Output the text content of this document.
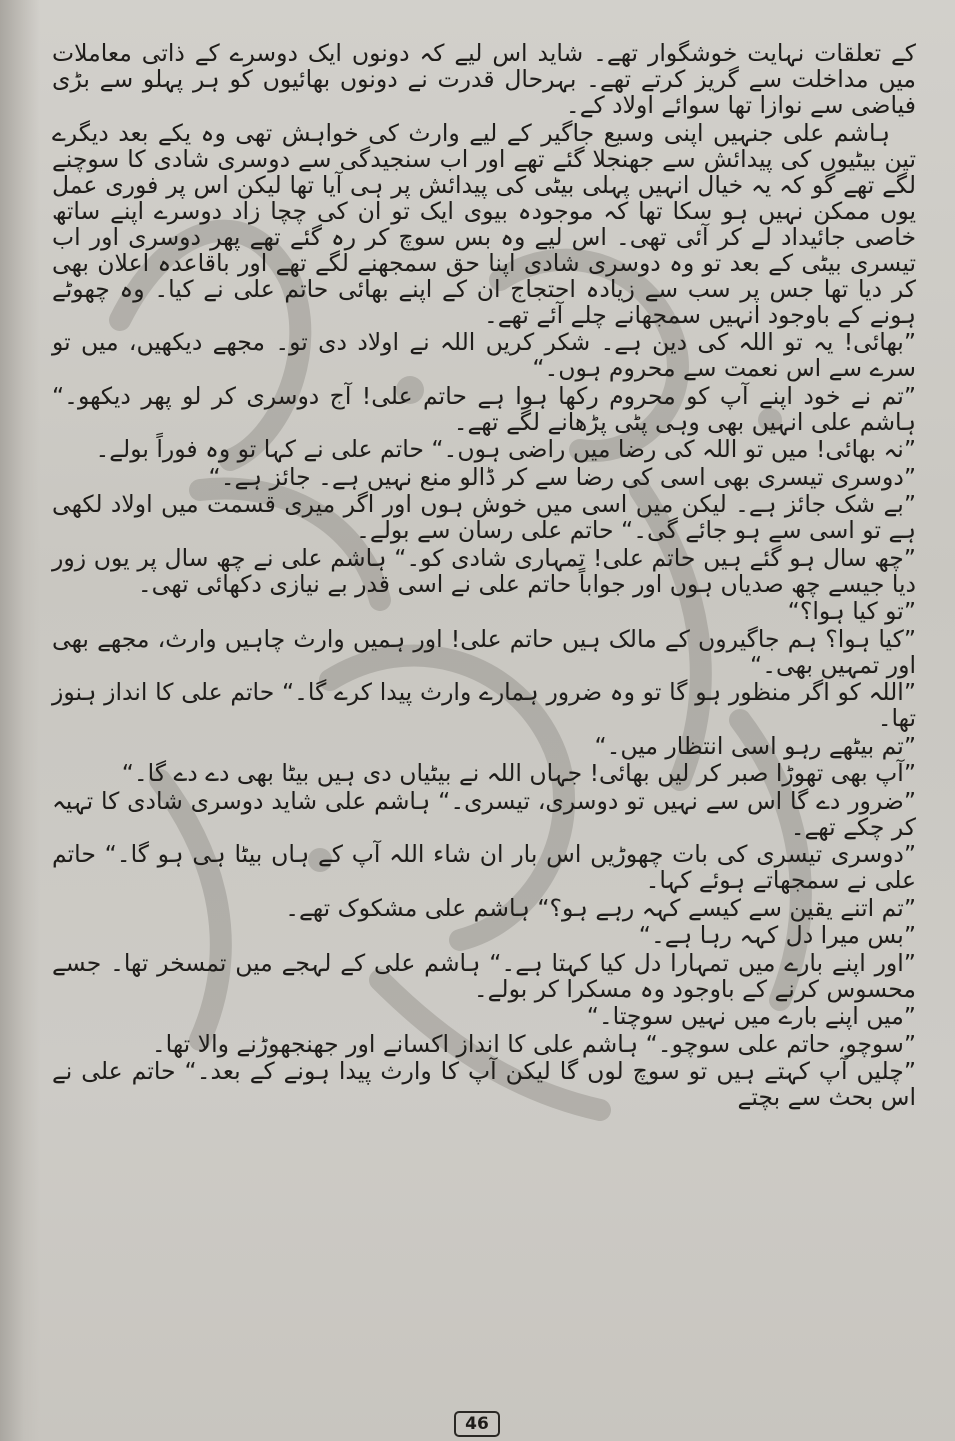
کے تعلقات نہایت خوشگوار تھے۔ شاید اس لیے کہ دونوں ایک دوسرے کے ذاتی معاملات میں مداخلت سے گریز کرتے تھے۔ بہرحال قدرت نے دونوں بھائیوں کو ہر پہلو سے بڑی فیاضی سے نوازا تھا سوائے اولاد کے۔

ہاشم علی جنہیں اپنی وسیع جاگیر کے لیے وارث کی خواہش تھی وہ یکے بعد دیگرے تین بیٹیوں کی پیدائش سے جھنجلا گئے تھے اور اب سنجیدگی سے دوسری شادی کا سوچنے لگے تھے گو کہ یہ خیال انہیں پہلی بیٹی کی پیدائش پر ہی آیا تھا لیکن اس پر فوری عمل یوں ممکن نہیں ہو سکا تھا کہ موجودہ بیوی ایک تو ان کی چچا زاد دوسرے اپنے ساتھ خاصی جائیداد لے کر آئی تھی۔ اس لیے وہ بس سوچ کر رہ گئے تھے پھر دوسری اور اب تیسری بیٹی کے بعد تو وہ دوسری شادی اپنا حق سمجھنے لگے تھے اور باقاعدہ اعلان بھی کر دیا تھا جس پر سب سے زیادہ احتجاج ان کے اپنے بھائی حاتم علی نے کیا۔ وہ چھوٹے ہونے کے باوجود انہیں سمجھانے چلے آئے تھے۔

”بھائی! یہ تو اللہ کی دین ہے۔ شکر کریں اللہ نے اولاد دی تو۔ مجھے دیکھیں، میں تو سرے سے اس نعمت سے محروم ہوں۔“

”تم نے خود اپنے آپ کو محروم رکھا ہوا ہے حاتم علی! آج دوسری کر لو پھر دیکھو۔“ ہاشم علی انہیں بھی وہی پٹی پڑھانے لگے تھے۔

”نہ بھائی! میں تو اللہ کی رضا میں راضی ہوں۔“ حاتم علی نے کہا تو وہ فوراً بولے۔

”دوسری تیسری بھی اسی کی رضا سے کر ڈالو منع نہیں ہے۔ جائز ہے۔“

”بے شک جائز ہے۔ لیکن میں اسی میں خوش ہوں اور اگر میری قسمت میں اولاد لکھی ہے تو اسی سے ہو جائے گی۔“ حاتم علی رسان سے بولے۔

”چھ سال ہو گئے ہیں حاتم علی! تمہاری شادی کو۔“ ہاشم علی نے چھ سال پر یوں زور دیا جیسے چھ صدیاں ہوں اور جواباً حاتم علی نے اسی قدر بے نیازی دکھائی تھی۔

”تو کیا ہوا؟“

”کیا ہوا؟ ہم جاگیروں کے مالک ہیں حاتم علی! اور ہمیں وارث چاہیں وارث، مجھے بھی اور تمہیں بھی۔“

”اللہ کو اگر منظور ہو گا تو وہ ضرور ہمارے وارث پیدا کرے گا۔“ حاتم علی کا انداز ہنوز تھا۔

”تم بیٹھے رہو اسی انتظار میں۔“

”آپ بھی تھوڑا صبر کر لیں بھائی! جہاں اللہ نے بیٹیاں دی ہیں بیٹا بھی دے دے گا۔“

”ضرور دے گا اس سے نہیں تو دوسری، تیسری۔“ ہاشم علی شاید دوسری شادی کا تہیہ کر چکے تھے۔

”دوسری تیسری کی بات چھوڑیں اس بار ان شاء اللہ آپ کے ہاں بیٹا ہی ہو گا۔“ حاتم علی نے سمجھاتے ہوئے کہا۔

”تم اتنے یقین سے کیسے کہہ رہے ہو؟“ ہاشم علی مشکوک تھے۔

”بس میرا دل کہہ رہا ہے۔“

”اور اپنے بارے میں تمہارا دل کیا کہتا ہے۔“ ہاشم علی کے لہجے میں تمسخر تھا۔ جسے محسوس کرنے کے باوجود وہ مسکرا کر بولے۔

”میں اپنے بارے میں نہیں سوچتا۔“

”سوچو، حاتم علی سوچو۔“ ہاشم علی کا انداز اکسانے اور جھنجھوڑنے والا تھا۔

”چلیں آپ کہتے ہیں تو سوچ لوں گا لیکن آپ کا وارث پیدا ہونے کے بعد۔“ حاتم علی نے اس بحث سے بچتے

46
